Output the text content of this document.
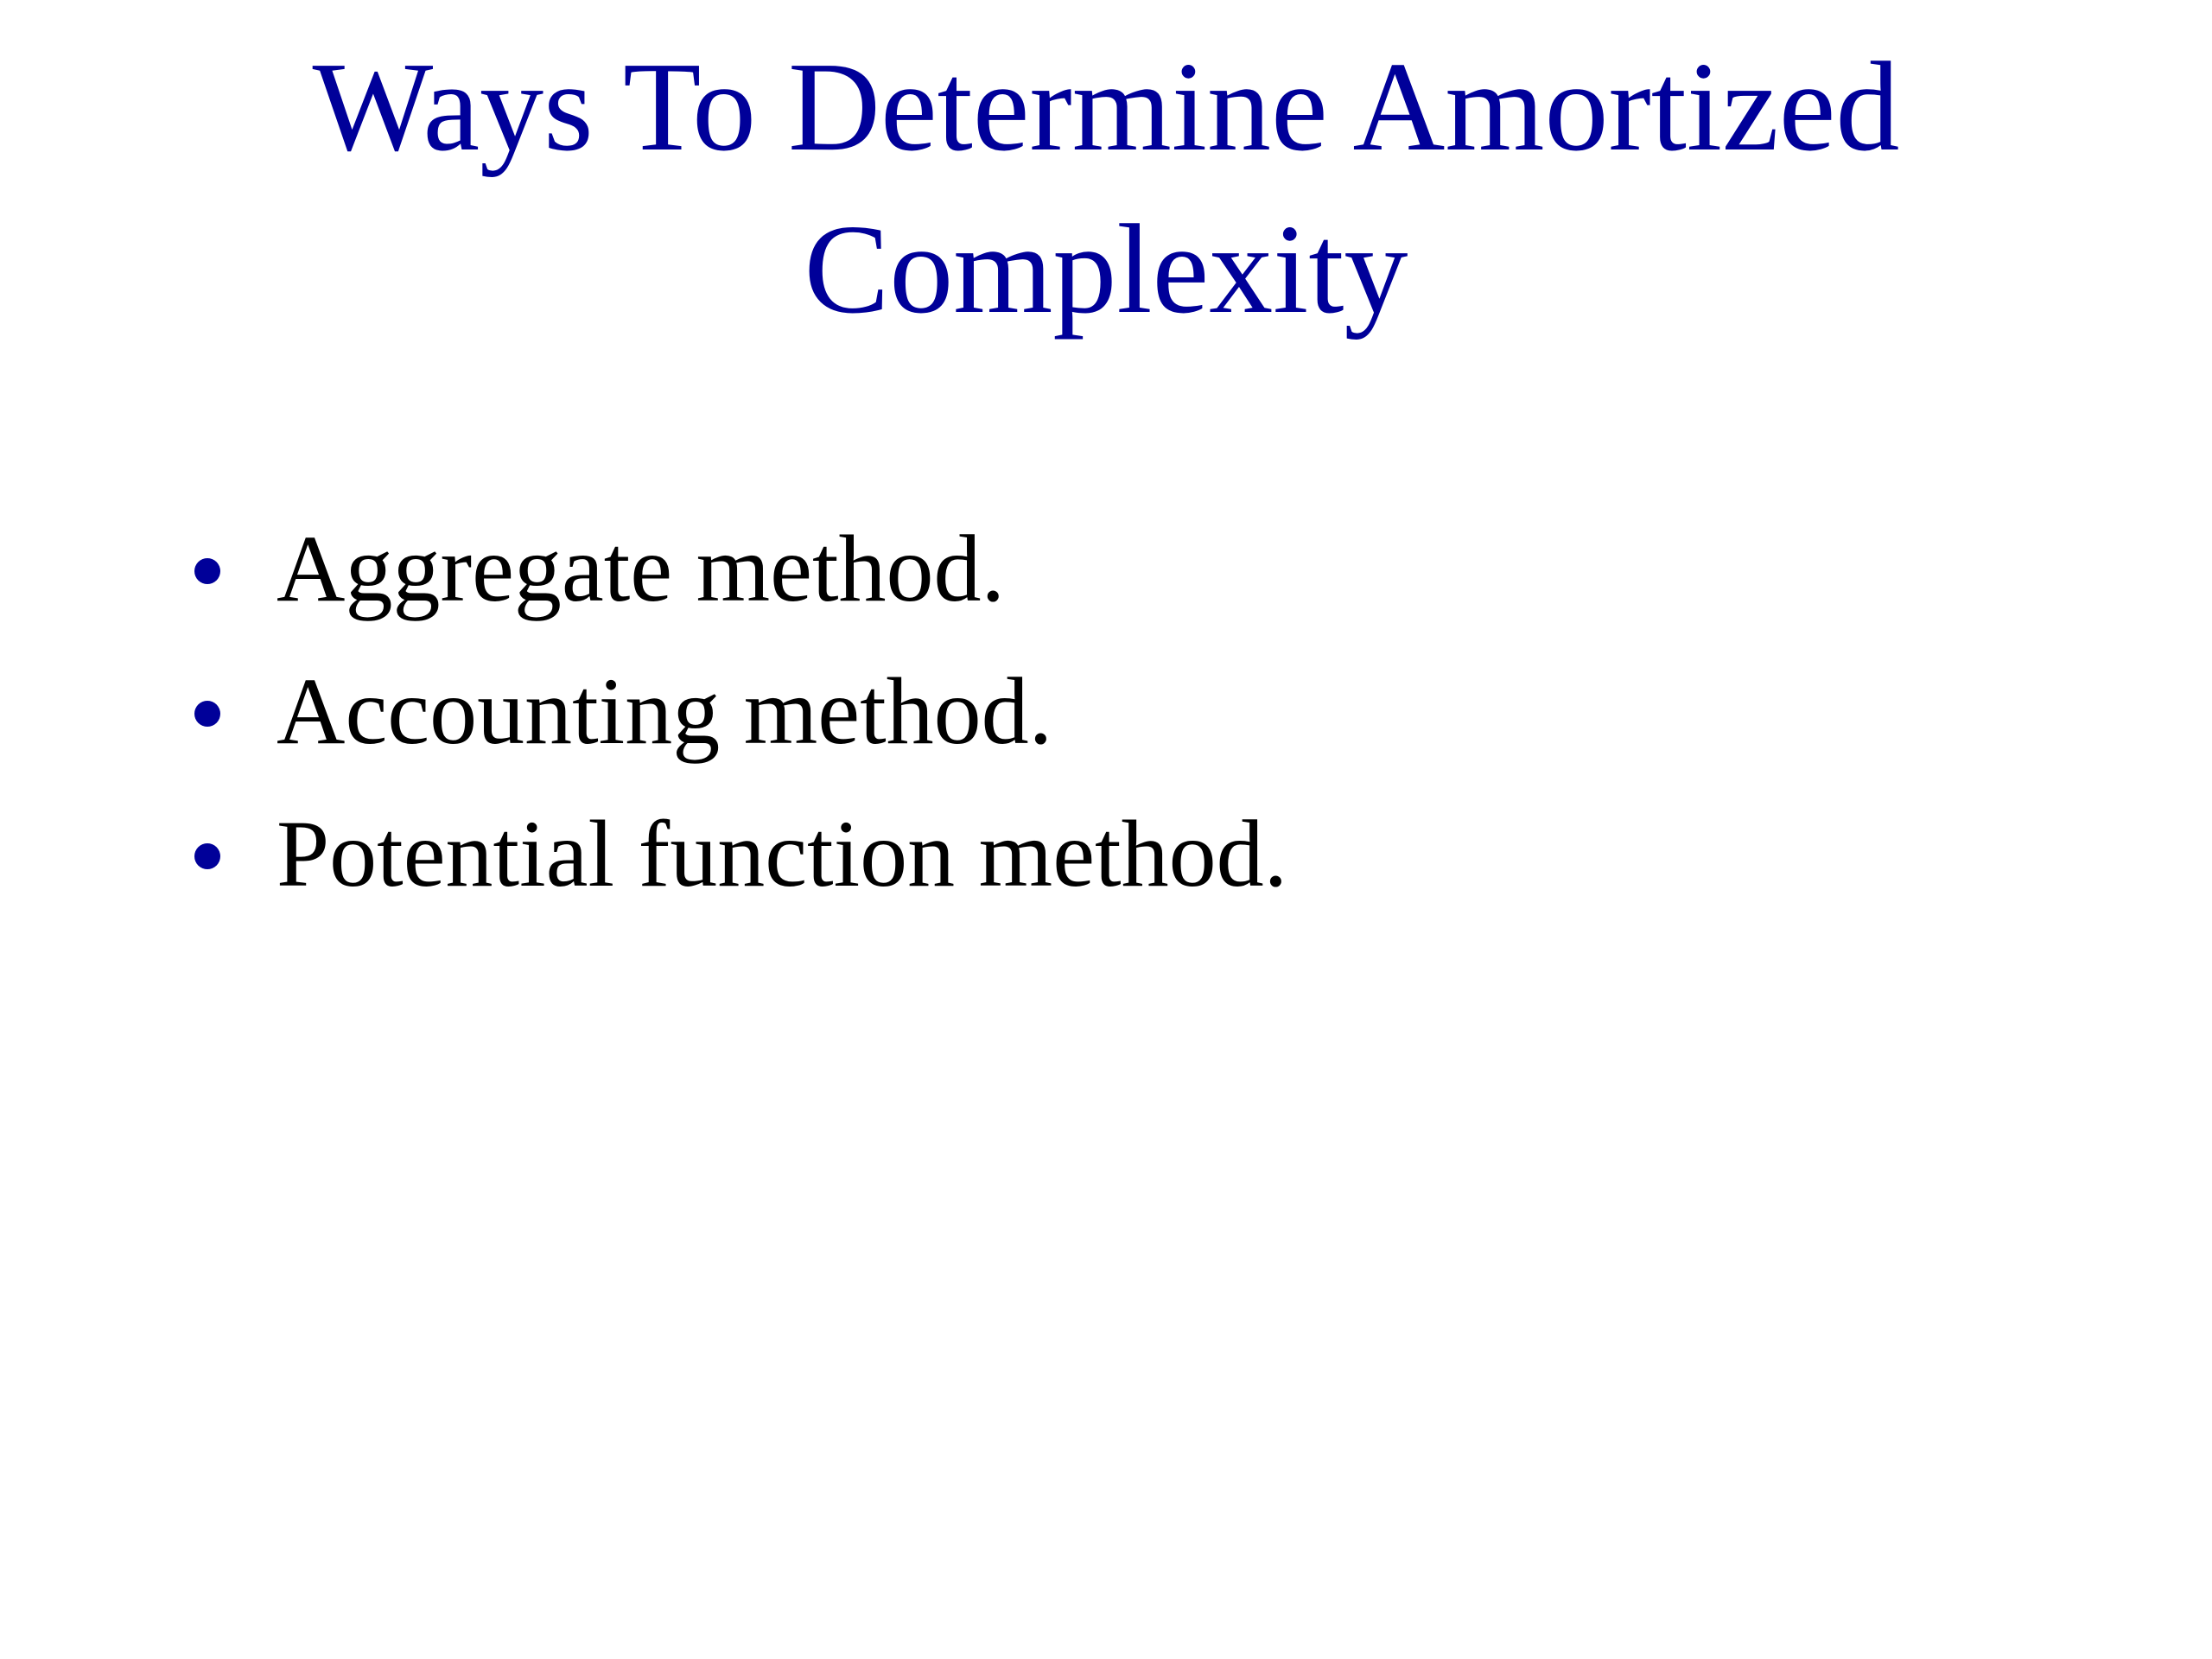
Ways To Determine Amortized
Complexity
Aggregate method.
Accounting method.
Potential function method.
